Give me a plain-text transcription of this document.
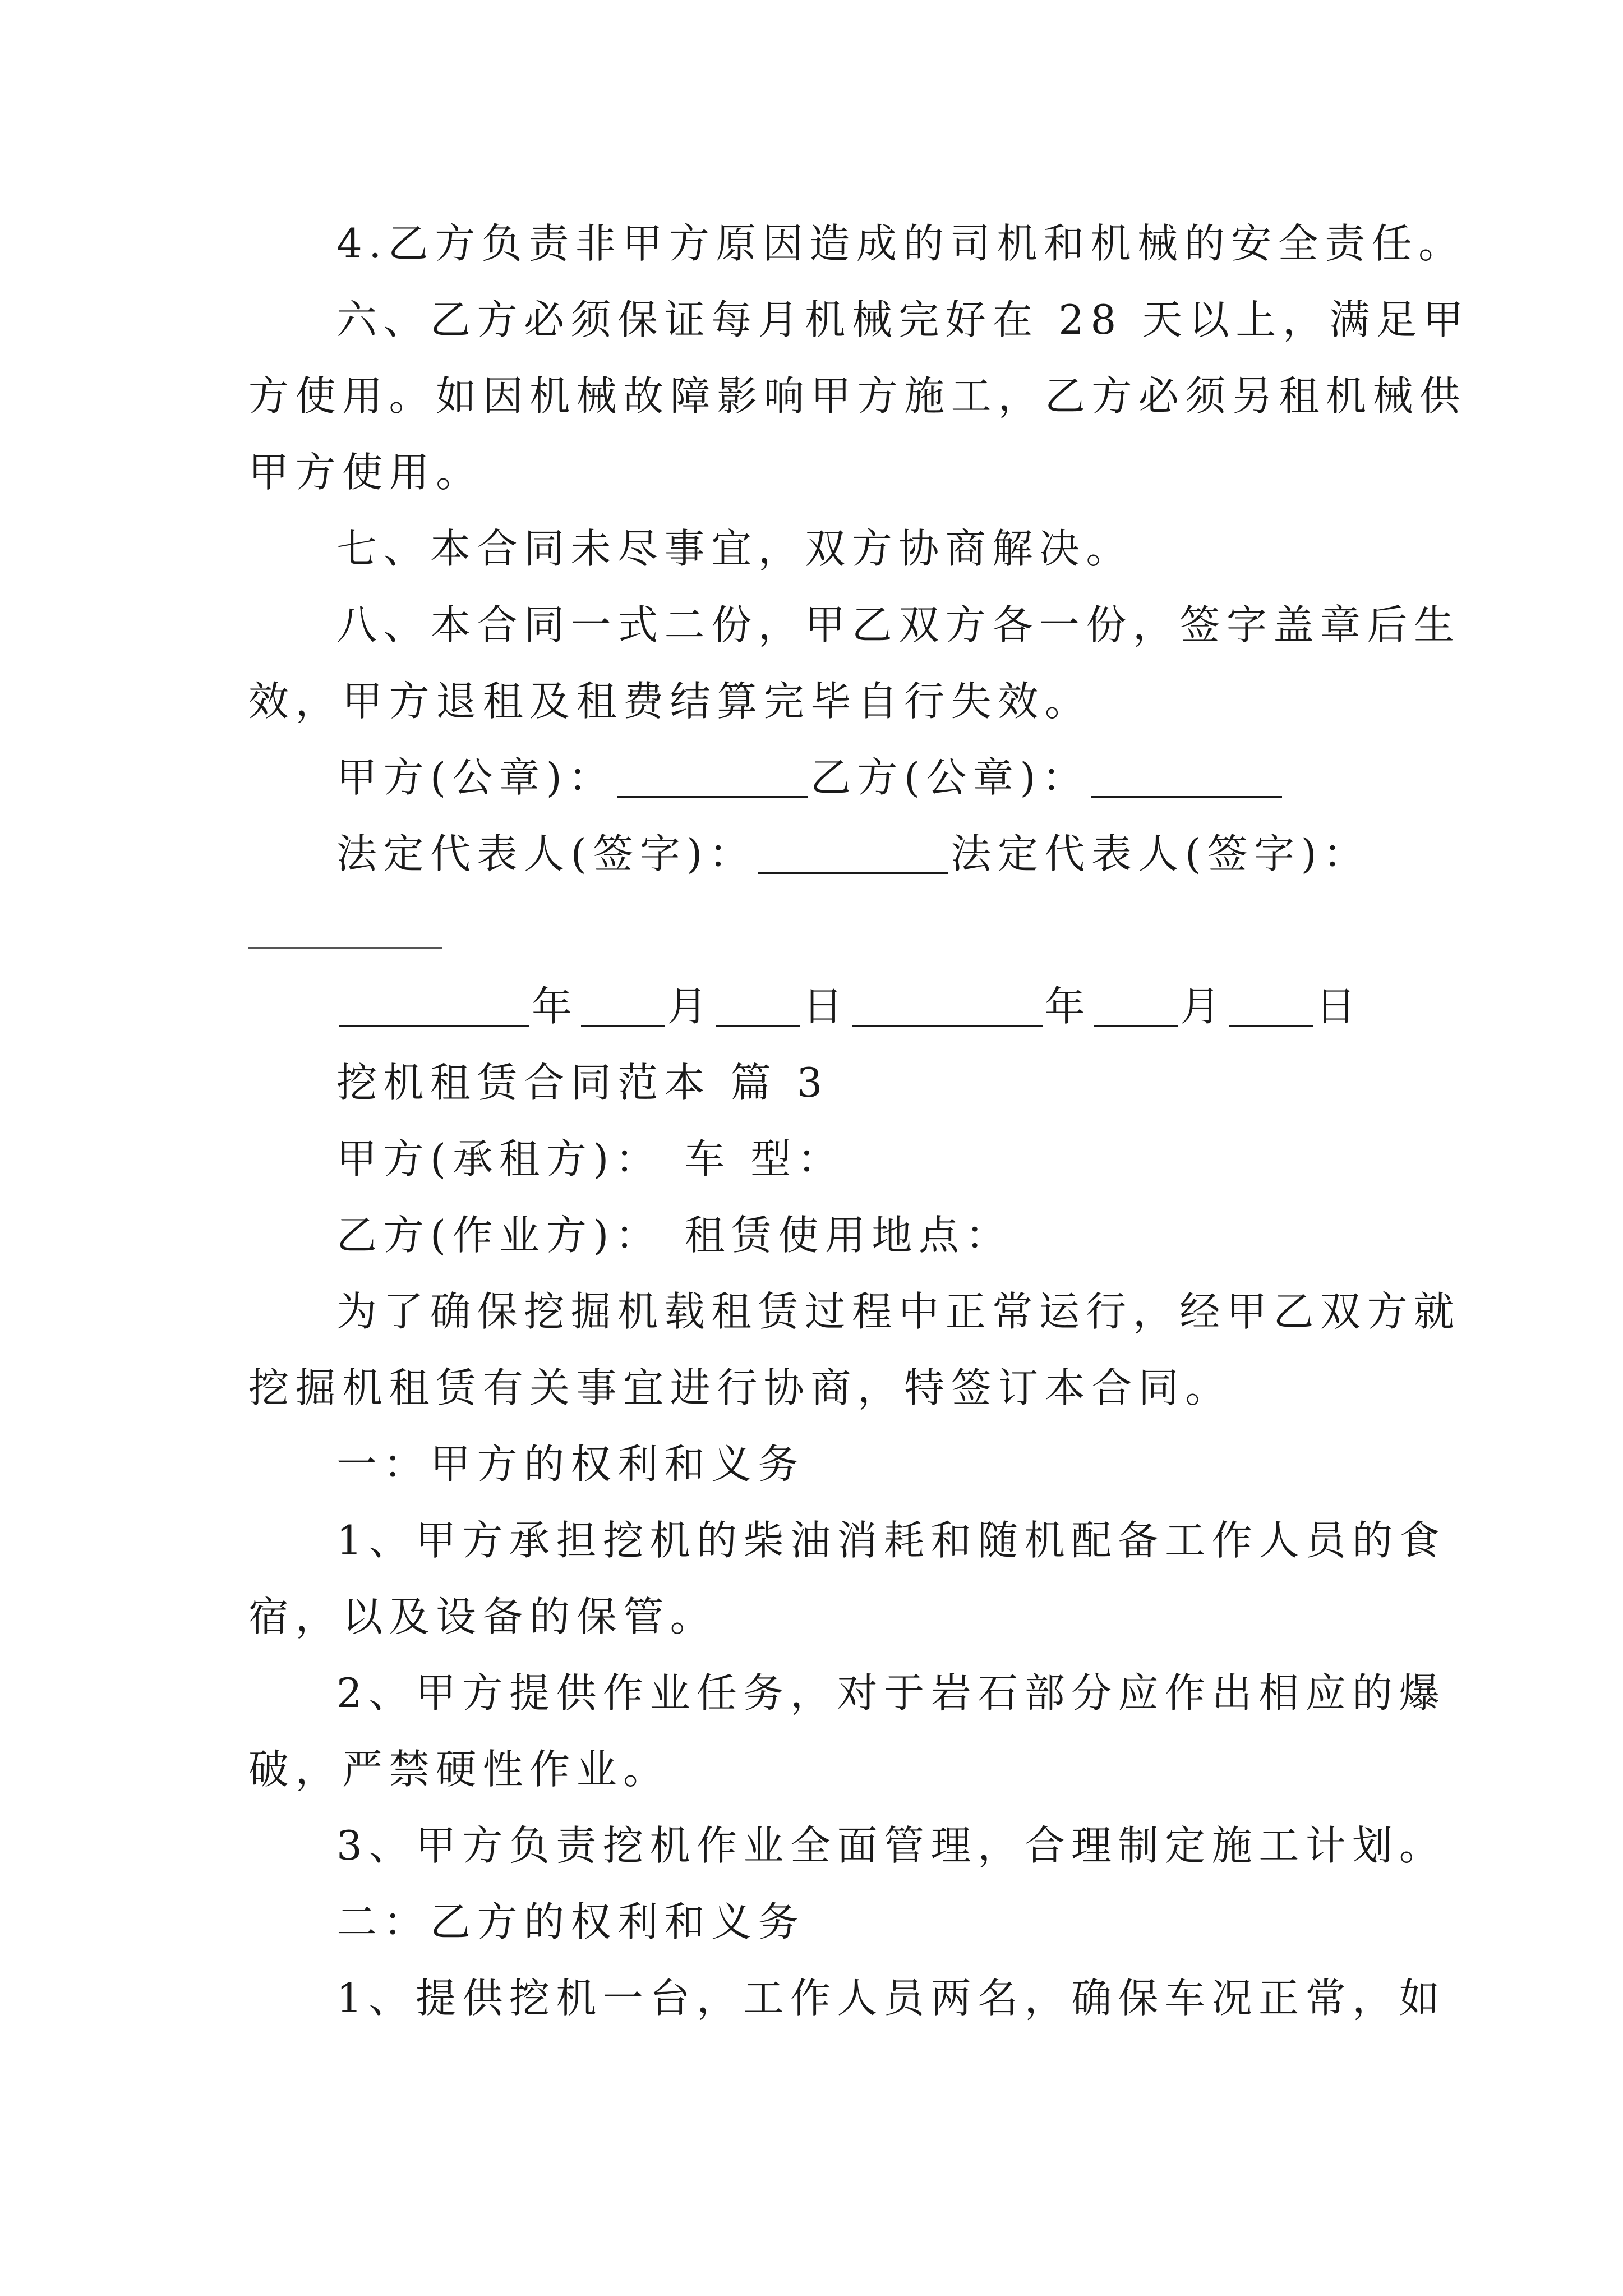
4.乙方负责非甲方原因造成的司机和机械的安全责任。
六、乙方必须保证每月机械完好在 28 天以上，满足甲
方使用。如因机械故障影响甲方施工，乙方必须另租机械供
甲方使用。
七、本合同未尽事宜，双方协商解决。
八、本合同一式二份，甲乙双方各一份，签字盖章后生
效，甲方退租及租费结算完毕自行失效。
甲方(公章)：	乙方(公章)：
法定代表人(签字)：	法定代表人(签字)：
年 月 日	年 月 日
挖机租赁合同范本 篇 3
甲方(承租方)： 车 型：
乙方(作业方)： 租赁使用地点：
为了确保挖掘机载租赁过程中正常运行，经甲乙双方就
挖掘机租赁有关事宜进行协商，特签订本合同。
一：甲方的权利和义务
1、甲方承担挖机的柴油消耗和随机配备工作人员的食
宿，以及设备的保管。
2、甲方提供作业任务，对于岩石部分应作出相应的爆
破，严禁硬性作业。
3、甲方负责挖机作业全面管理，合理制定施工计划。
二：乙方的权利和义务
1、提供挖机一台，工作人员两名，确保车况正常，如
